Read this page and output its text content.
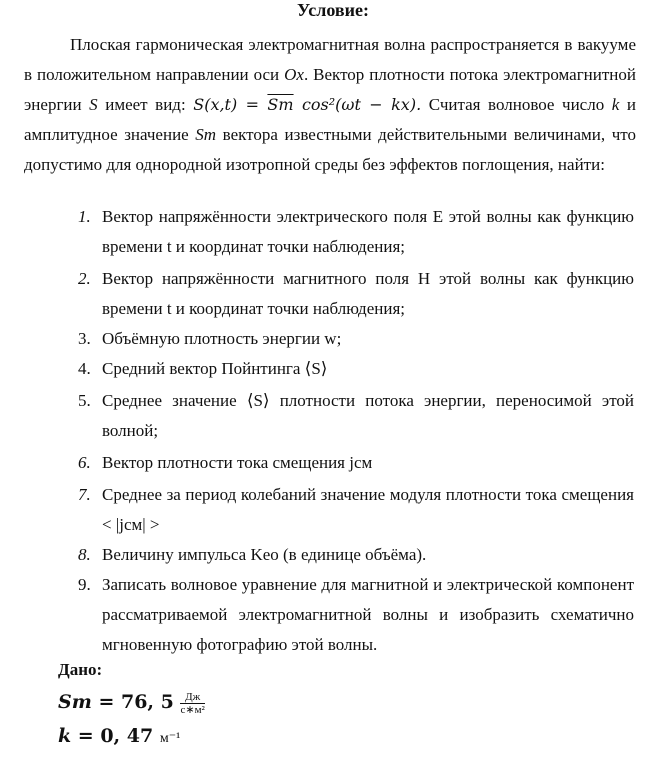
Условие:

Плоская гармоническая электромагнитная волна распространяется в вакууме в положительном направлении оси Ox. Вектор плотности потока электромагнитной энергии S имеет вид: $S(x,t) = \overline{Sm}$ cos²(ωt − kx). Считая волновое число k и амплитудное значение Sm вектора известными действительными величинами, что допустимо для однородной изотропной среды без эффектов поглощения, найти:

1. Вектор напряжённости электрического поля E этой волны как функцию времени t и координат точки наблюдения;
2. Вектор напряжённости магнитного поля H этой волны как функцию времени t и координат точки наблюдения;
3. Объёмную плотность энергии w;
4. Средний вектор Пойнтинга ⟨S⟩
5. Среднее значение ⟨S⟩ плотности потока энергии, переносимой этой волной;
6. Вектор плотности тока смещения jсм
7. Среднее за период колебаний значение модуля плотности тока смещения < |jсм| >
8. Величину импульса Kео (в единице объёма).
9. Записать волновое уравнение для магнитной и электрической компонент рассматриваемой электромагнитной волны и изобразить схематично мгновенную фотографию этой волны.
Дано:
Sm = 76, $5 \frac{Дж}{\text{с∗м²}}$
k = 0, 47 м⁻¹
